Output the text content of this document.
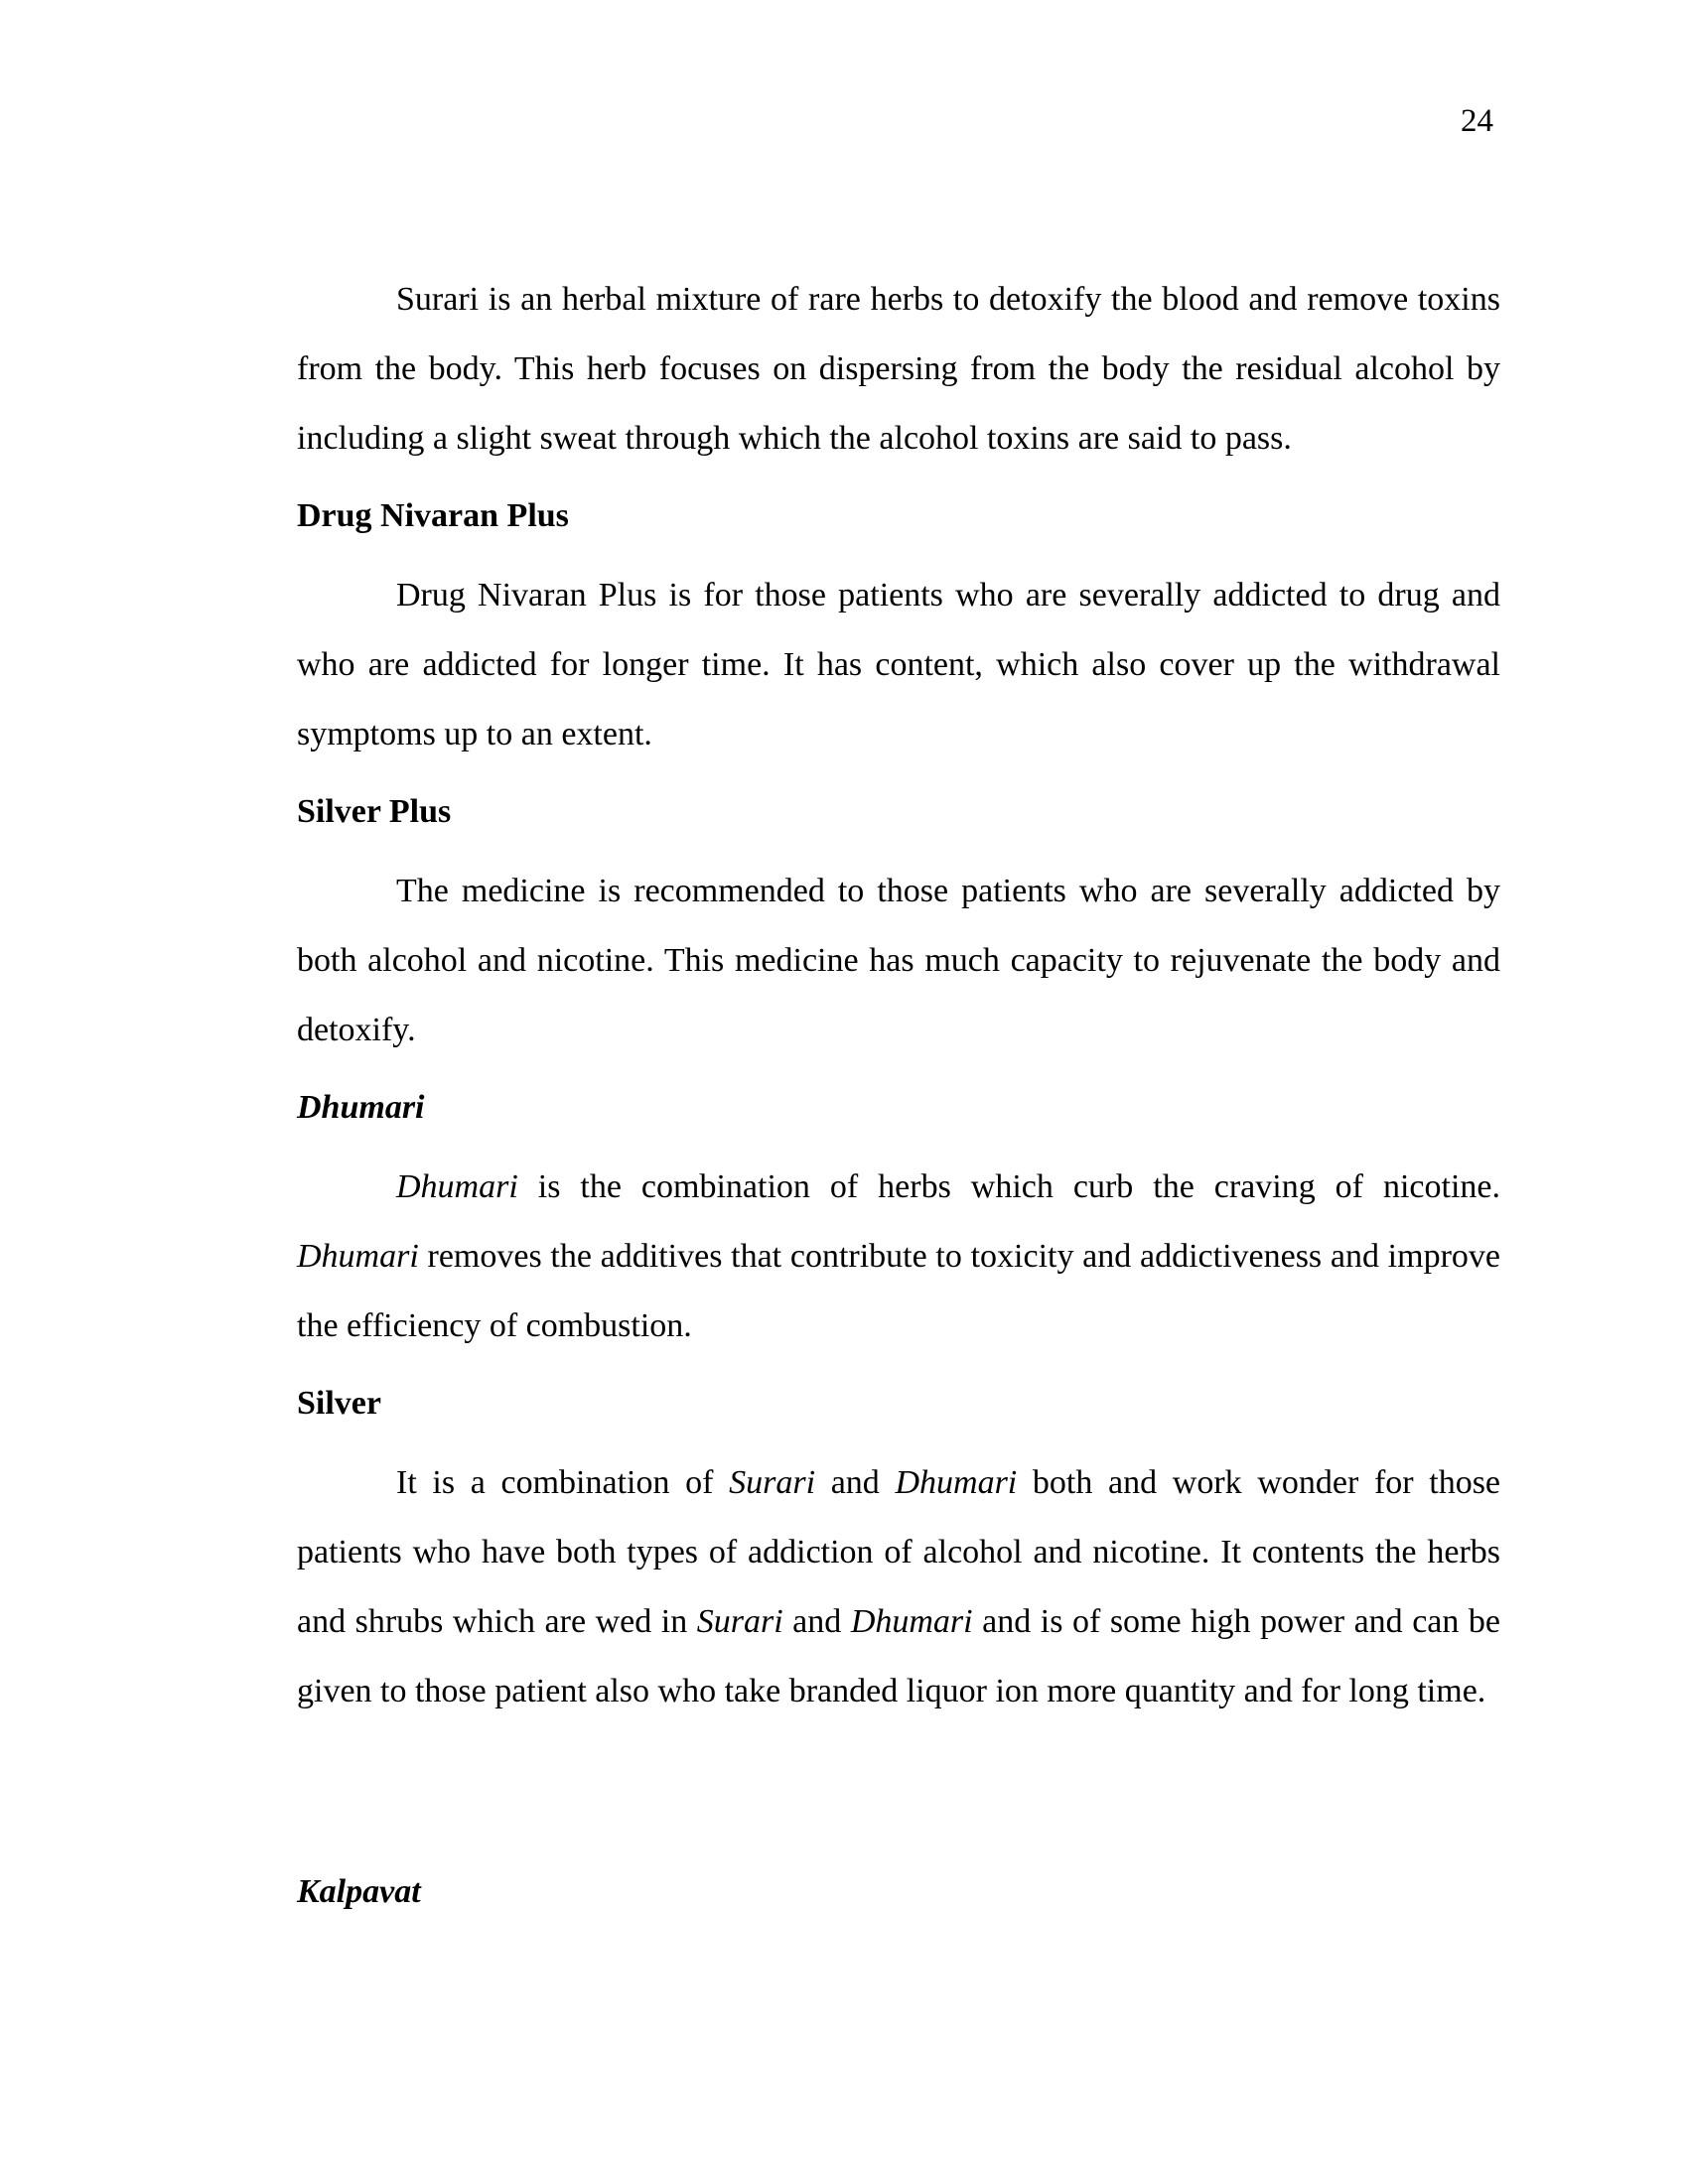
24

Surari is an herbal mixture of rare herbs to detoxify the blood and remove toxins from the body. This herb focuses on dispersing from the body the residual alcohol by including a slight sweat through which the alcohol toxins are said to pass.

Drug Nivaran Plus

Drug Nivaran Plus is for those patients who are severally addicted to drug and who are addicted for longer time. It has content, which also cover up the withdrawal symptoms up to an extent.

Silver Plus

The medicine is recommended to those patients who are severally addicted by both alcohol and nicotine. This medicine has much capacity to rejuvenate the body and detoxify.

Dhumari

Dhumari is the combination of herbs which curb the craving of nicotine. Dhumari removes the additives that contribute to toxicity and addictiveness and improve the efficiency of combustion.

Silver

It is a combination of Surari and Dhumari both and work wonder for those patients who have both types of addiction of alcohol and nicotine. It contents the herbs and shrubs which are wed in Surari and Dhumari and is of some high power and can be given to those patient also who take branded liquor ion more quantity and for long time.

Kalpavat
